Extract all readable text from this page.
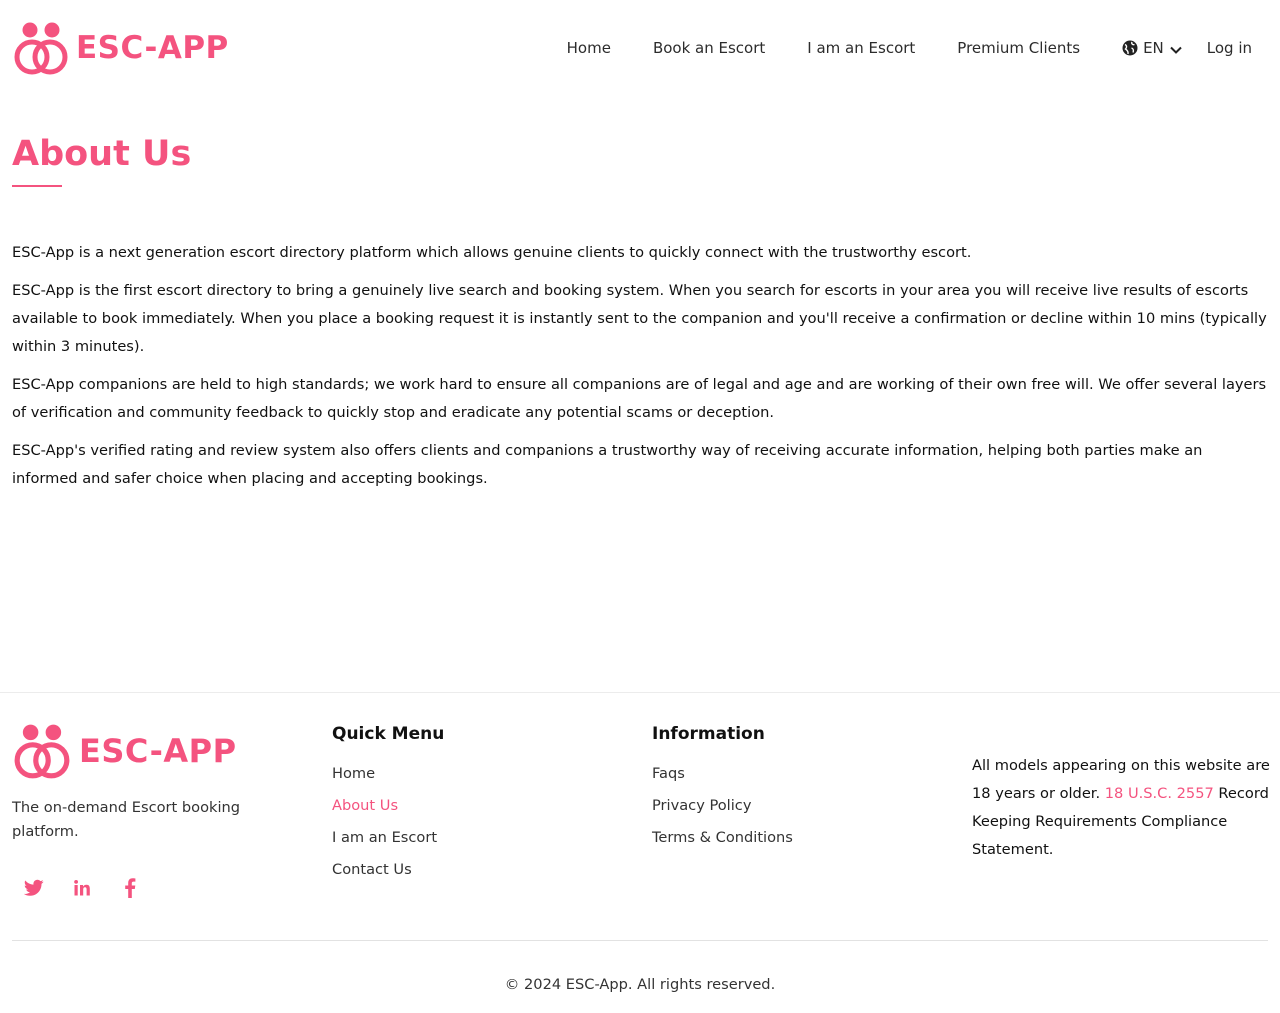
ESC-APP	Home	Book an Escort	I am an Escort	Premium Clients	EN	Log in
About Us

ESC-App is a next generation escort directory platform which allows genuine clients to quickly connect with the trustworthy escort.

ESC-App is the first escort directory to bring a genuinely live search and booking system. When you search for escorts in your area you will receive live results of escorts available to book immediately. When you place a booking request it is instantly sent to the companion and you'll receive a confirmation or decline within 10 mins (typically within 3 minutes).

ESC-App companions are held to high standards; we work hard to ensure all companions are of legal and age and are working of their own free will. We offer several layers of verification and community feedback to quickly stop and eradicate any potential scams or deception.

ESC-App's verified rating and review system also offers clients and companions a trustworthy way of receiving accurate information, helping both parties make an informed and safer choice when placing and accepting bookings.

ESC-APP

The on-demand Escort booking platform.

Quick Menu
Home
About Us
I am an Escort
Contact Us
Information
Faqs
Privacy Policy
Terms & Conditions

All models appearing on this website are 18 years or older. 18 U.S.C. 2557 Record Keeping Requirements Compliance Statement.

© 2024 ESC-App. All rights reserved.
